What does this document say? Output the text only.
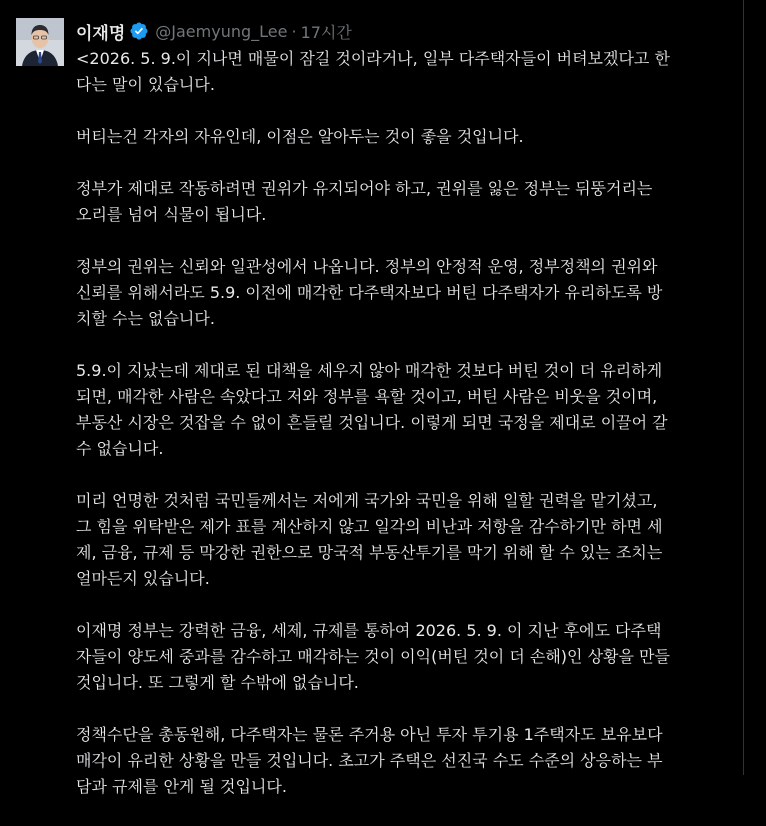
이재명 @Jaemyung_Lee · 17시간

<2026. 5. 9.이 지나면 매물이 잠길 것이라거나, 일부 다주택자들이 버텨보겠다고 한
다는 말이 있습니다.

버티는건 각자의 자유인데, 이점은 알아두는 것이 좋을 것입니다.

정부가 제대로 작동하려면 권위가 유지되어야 하고, 권위를 잃은 정부는 뒤뚱거리는
오리를 넘어 식물이 됩니다.

정부의 권위는 신뢰와 일관성에서 나옵니다. 정부의 안정적 운영, 정부정책의 권위와
신뢰를 위해서라도 5.9. 이전에 매각한 다주택자보다 버틴 다주택자가 유리하도록 방
치할 수는 없습니다.

5.9.이 지났는데 제대로 된 대책을 세우지 않아 매각한 것보다 버틴 것이 더 유리하게
되면, 매각한 사람은 속았다고 저와 정부를 욕할 것이고, 버틴 사람은 비웃을 것이며,
부동산 시장은 것잡을 수 없이 흔들릴 것입니다. 이렇게 되면 국정을 제대로 이끌어 갈
수 없습니다.

미리 언명한 것처럼 국민들께서는 저에게 국가와 국민을 위해 일할 권력을 맡기셨고,
그 힘을 위탁받은 제가 표를 계산하지 않고 일각의 비난과 저항을 감수하기만 하면 세
제, 금융, 규제 등 막강한 권한으로 망국적 부동산투기를 막기 위해 할 수 있는 조치는
얼마든지 있습니다.

이재명 정부는 강력한 금융, 세제, 규제를 통하여 2026. 5. 9. 이 지난 후에도 다주택
자들이 양도세 중과를 감수하고 매각하는 것이 이익(버틴 것이 더 손해)인 상황을 만들
것입니다. 또 그렇게 할 수밖에 없습니다.

정책수단을 총동원해, 다주택자는 물론 주거용 아닌 투자 투기용 1주택자도 보유보다
매각이 유리한 상황을 만들 것입니다. 초고가 주택은 선진국 수도 수준의 상응하는 부
담과 규제를 안게 될 것입니다.
